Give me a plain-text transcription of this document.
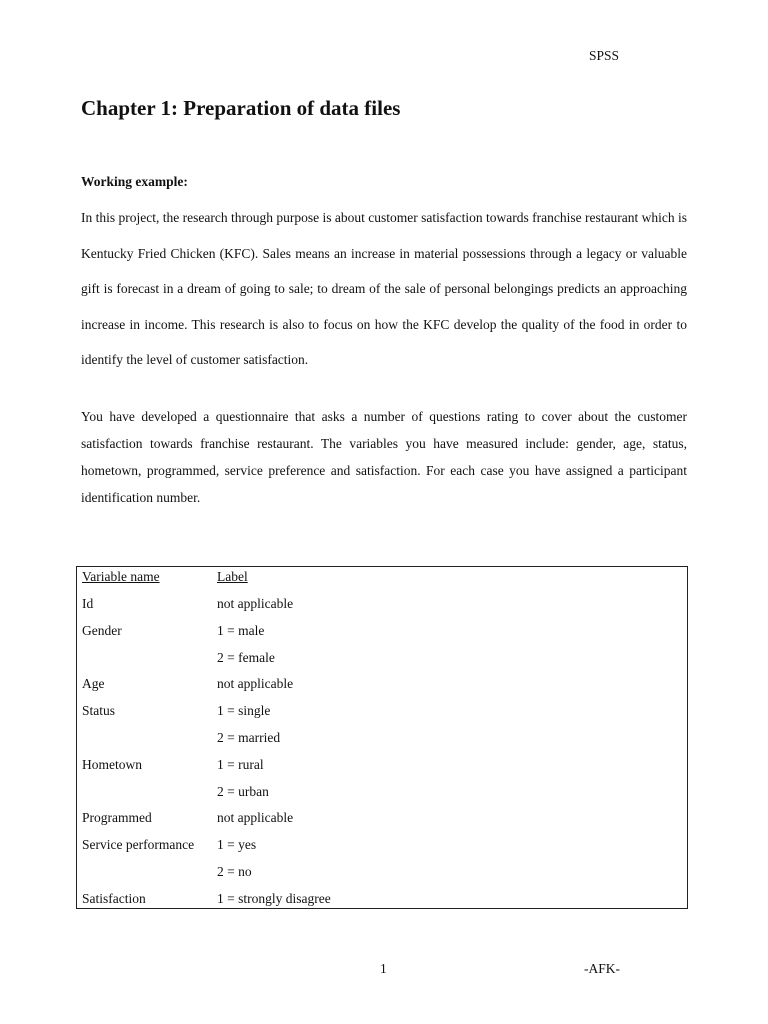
SPSS
Chapter 1: Preparation of data files
Working example:

In this project, the research through purpose is about customer satisfaction towards franchise restaurant which is Kentucky Fried Chicken (KFC). Sales means an increase in material possessions through a legacy or valuable gift is forecast in a dream of going to sale; to dream of the sale of personal belongings predicts an approaching increase in income. This research is also to focus on how the KFC develop the quality of the food in order to identify the level of customer satisfaction.

You have developed a questionnaire that asks a number of questions rating to cover about the customer satisfaction towards franchise restaurant. The variables you have measured include: gender, age, status, hometown, programmed, service preference and satisfaction. For each case you have assigned a participant identification number.

Variable name	Label
Id	not applicable
Gender	1 = male
2 = female
Age	not applicable
Status	1 = single
2 = married
Hometown	1 = rural
2 = urban
Programmed	not applicable
Service performance 1 = yes
2 = no
Satisfaction	1 = strongly disagree
1	-AFK-
